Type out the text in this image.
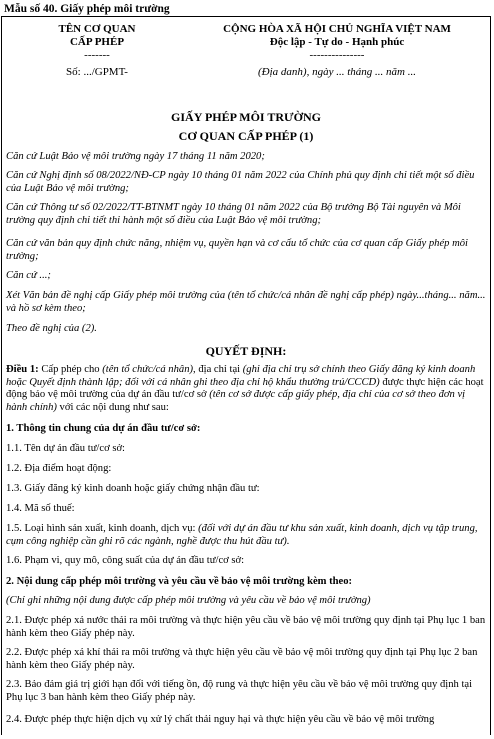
Mẫu số 40. Giấy phép môi trường
TÊN CƠ QUAN
CẤP PHÉP
-------
Số: .../GPMT-
CỘNG HÒA XÃ HỘI CHỦ NGHĨA VIỆT NAM
Độc lập - Tự do - Hạnh phúc
---------------
(Địa danh), ngày ... tháng ... năm ...
GIẤY PHÉP MÔI TRƯỜNG
CƠ QUAN CẤP PHÉP (1)

Căn cứ Luật Bảo vệ môi trường ngày 17 tháng 11 năm 2020;

Căn cứ Nghị định số 08/2022/NĐ-CP ngày 10 tháng 01 năm 2022 của Chính phủ quy định chi tiết một số điều của Luật Bảo vệ môi trường;

Căn cứ Thông tư số 02/2022/TT-BTNMT ngày 10 tháng 01 năm 2022 của Bộ trưởng Bộ Tài nguyên và Môi trường quy định chi tiết thi hành một số điều của Luật Bảo vệ môi trường;

Căn cứ văn bản quy định chức năng, nhiệm vụ, quyền hạn và cơ cấu tổ chức của cơ quan cấp Giấy phép môi trường;

Căn cứ ...;

Xét Văn bản đề nghị cấp Giấy phép môi trường của (tên tổ chức/cá nhân đề nghị cấp phép) ngày...tháng... năm... và hồ sơ kèm theo;

Theo đề nghị của (2).

QUYẾT ĐỊNH:

Điều 1: Cấp phép cho (tên tổ chức/cá nhân), địa chỉ tại (ghi địa chỉ trụ sở chính theo Giấy đăng ký kinh doanh hoặc Quyết định thành lập; đối với cá nhân ghi theo địa chỉ hộ khẩu thường trú/CCCD) được thực hiện các hoạt động bảo vệ môi trường của dự án đầu tư/cơ sở (tên cơ sở được cấp giấy phép, địa chỉ của cơ sở theo đơn vị hành chính) với các nội dung như sau:

1. Thông tin chung của dự án đầu tư/cơ sở:

1.1. Tên dự án đầu tư/cơ sở:

1.2. Địa điểm hoạt động:

1.3. Giấy đăng ký kinh doanh hoặc giấy chứng nhận đầu tư:

1.4. Mã số thuế:

1.5. Loại hình sản xuất, kinh doanh, dịch vụ: (đối với dự án đầu tư khu sản xuất, kinh doanh, dịch vụ tập trung, cụm công nghiệp cần ghi rõ các ngành, nghề được thu hút đầu tư).

1.6. Phạm vi, quy mô, công suất của dự án đầu tư/cơ sở:

2. Nội dung cấp phép môi trường và yêu cầu về bảo vệ môi trường kèm theo:

(Chỉ ghi những nội dung được cấp phép môi trường và yêu cầu về bảo vệ môi trường)

2.1. Được phép xả nước thải ra môi trường và thực hiện yêu cầu về bảo vệ môi trường quy định tại Phụ lục 1 ban hành kèm theo Giấy phép này.

2.2. Được phép xả khí thải ra môi trường và thực hiện yêu cầu về bảo vệ môi trường quy định tại Phụ lục 2 ban hành kèm theo Giấy phép này.

2.3. Bảo đảm giá trị giới hạn đối với tiếng ồn, độ rung và thực hiện yêu cầu về bảo vệ môi trường quy định tại Phụ lục 3 ban hành kèm theo Giấy phép này.

2.4. Được phép thực hiện dịch vụ xử lý chất thải nguy hại và thực hiện yêu cầu về bảo vệ môi trường
